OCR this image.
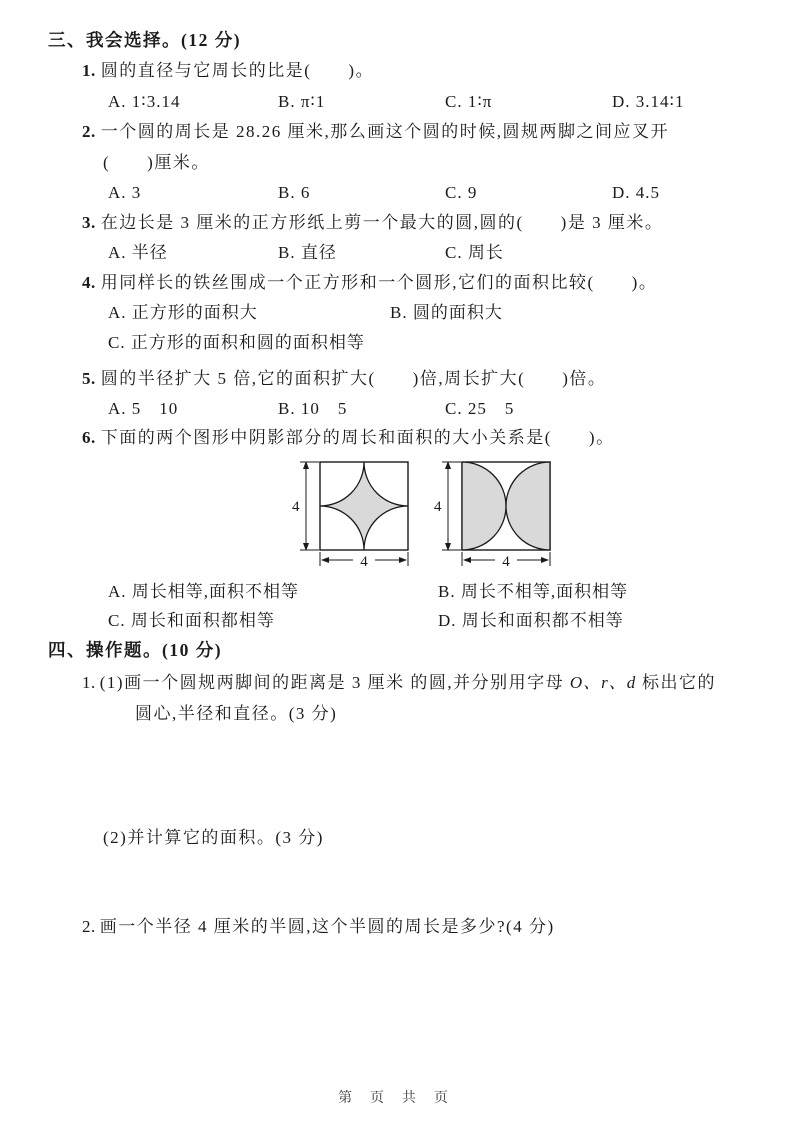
三、我会选择。(12 分)
1. 圆的直径与它周长的比是(　　)。
A. 1∶3.14	B. π∶1	C. 1∶π	D. 3.14∶1
2. 一个圆的周长是 28.26 厘米,那么画这个圆的时候,圆规两脚之间应叉开
(　　)厘米。
A. 3	B. 6	C. 9	D. 4.5
3. 在边长是 3 厘米的正方形纸上剪一个最大的圆,圆的(　　)是 3 厘米。
A. 半径	B. 直径	C. 周长
4. 用同样长的铁丝围成一个正方形和一个圆形,它们的面积比较(　　)。
A. 正方形的面积大	B. 圆的面积大
C. 正方形的面积和圆的面积相等
5. 圆的半径扩大 5 倍,它的面积扩大(　　)倍,周长扩大(　　)倍。
A. 5　10	B. 10　5	C. 25　5
6. 下面的两个图形中阴影部分的周长和面积的大小关系是(　　)。
4
4
4
4
A. 周长相等,面积不相等	B. 周长不相等,面积相等
C. 周长和面积都相等	D. 周长和面积都不相等
四、操作题。(10 分)
1. (1)画一个圆规两脚间的距离是 3 厘米 的圆,并分别用字母 O、r、d 标出它的
圆心,半径和直径。(3 分)
(2)并计算它的面积。(3 分)
2. 画一个半径 4 厘米的半圆,这个半圆的周长是多少?(4 分)
第 页 共 页
